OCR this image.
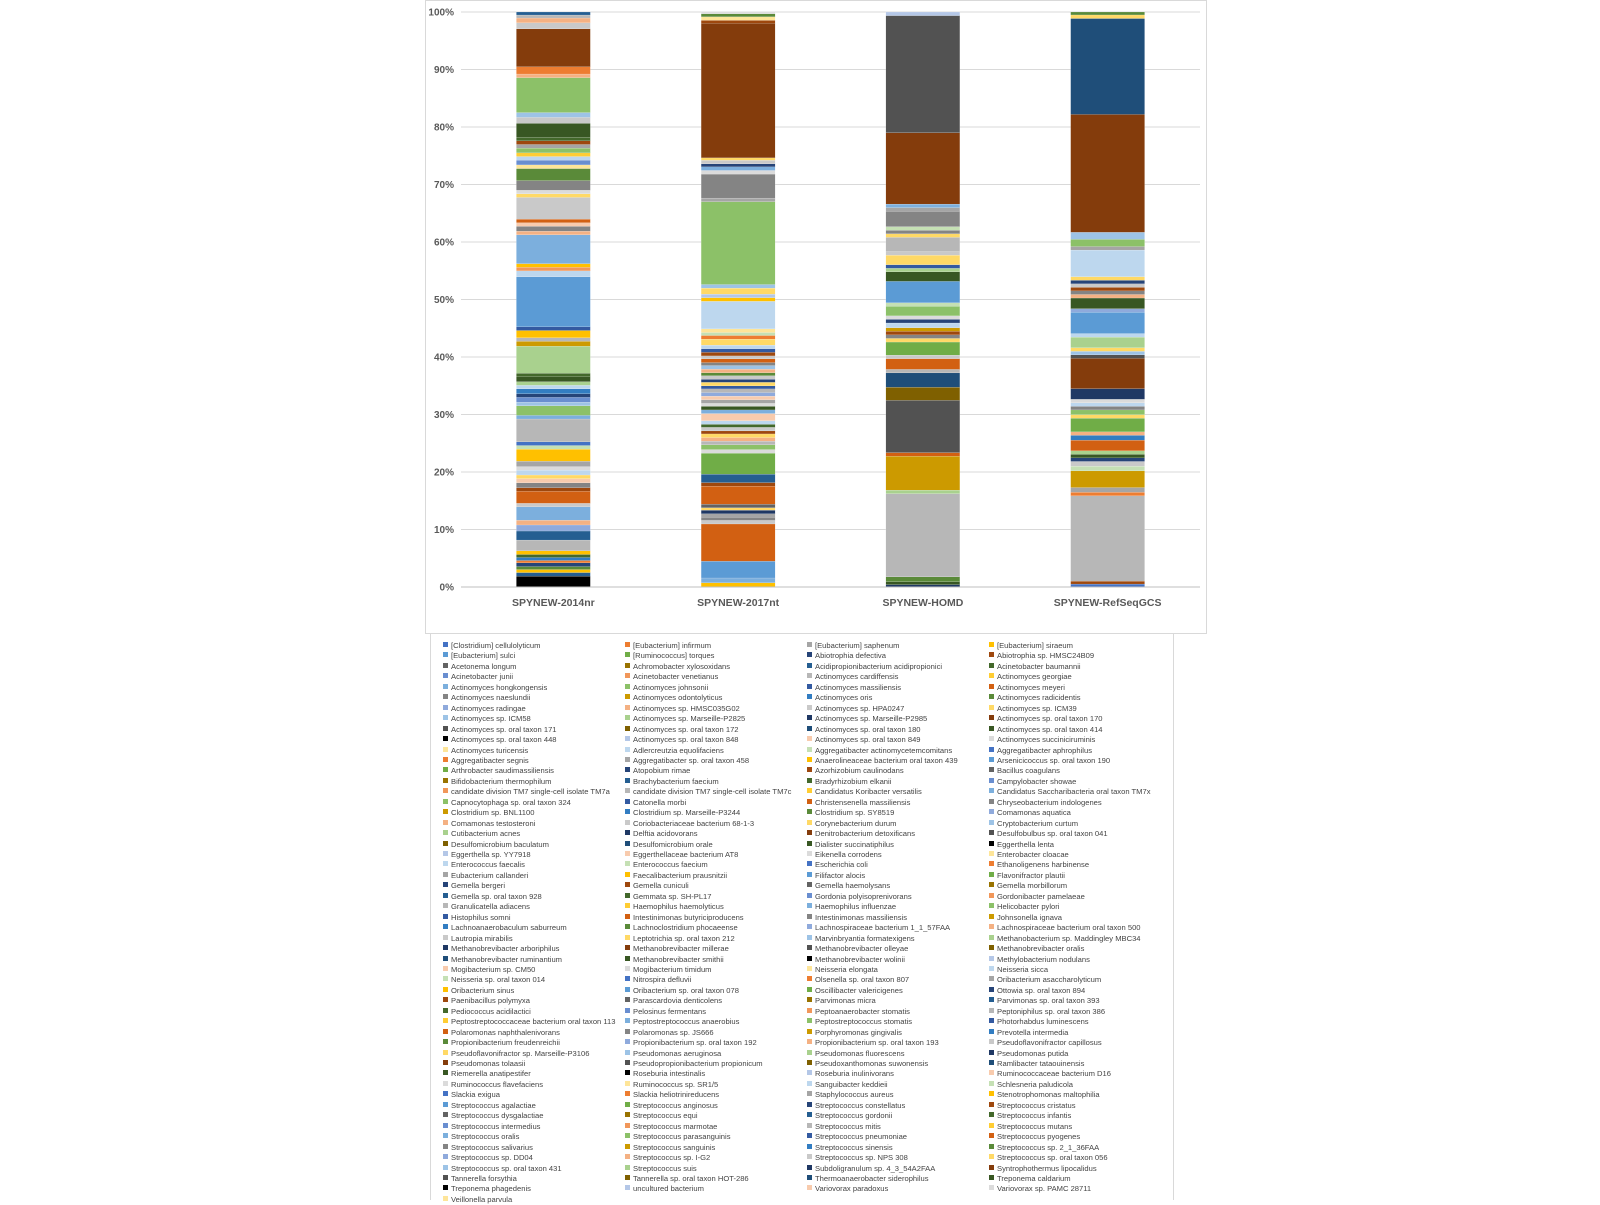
0%
10%
20%
30%
40%
50%
60%
70%
80%
90%
100%
SPYNEW-2014nr	SPYNEW-2017nt	SPYNEW-HOMD	SPYNEW-RefSeqGCS
[Clostridium] cellulolyticum	[Eubacterium] infirmum	[Eubacterium] saphenum	[Eubacterium] siraeum
[Eubacterium] sulci	[Ruminococcus] torques	Abiotrophia defectiva	Abiotrophia sp. HMSC24B09
Acetonema longum	Achromobacter xylosoxidans	Acidipropionibacterium acidipropionici	Acinetobacter baumannii
Acinetobacter junii	Acinetobacter venetianus	Actinomyces cardiffensis	Actinomyces georgiae
Actinomyces hongkongensis	Actinomyces johnsonii	Actinomyces massiliensis	Actinomyces meyeri
Actinomyces naeslundii	Actinomyces odontolyticus	Actinomyces oris	Actinomyces radicidentis
Actinomyces radingae	Actinomyces sp. HMSC035G02	Actinomyces sp. HPA0247	Actinomyces sp. ICM39
Actinomyces sp. ICM58	Actinomyces sp. Marseille-P2825	Actinomyces sp. Marseille-P2985	Actinomyces sp. oral taxon 170
Actinomyces sp. oral taxon 171	Actinomyces sp. oral taxon 172	Actinomyces sp. oral taxon 180	Actinomyces sp. oral taxon 414
Actinomyces sp. oral taxon 448	Actinomyces sp. oral taxon 848	Actinomyces sp. oral taxon 849	Actinomyces succiniciruminis
Actinomyces turicensis	Adlercreutzia equolifaciens	Aggregatibacter actinomycetemcomitans	Aggregatibacter aphrophilus
Aggregatibacter segnis	Aggregatibacter sp. oral taxon 458	Anaerolineaceae bacterium oral taxon 439	Arsenicicoccus sp. oral taxon 190
Arthrobacter saudimassiliensis	Atopobium rimae	Azorhizobium caulinodans	Bacillus coagulans
Bifidobacterium thermophilum	Brachybacterium faecium	Bradyrhizobium elkanii	Campylobacter showae
candidate division TM7 single-cell isolate TM7a	candidate division TM7 single-cell isolate TM7c	Candidatus Koribacter versatilis	Candidatus Saccharibacteria oral taxon TM7x
Capnocytophaga sp. oral taxon 324	Catonella morbi	Christensenella massiliensis	Chryseobacterium indologenes
Clostridium sp. BNL1100	Clostridium sp. Marseille-P3244	Clostridium sp. SY8519	Comamonas aquatica
Comamonas testosteroni	Coriobacteriaceae bacterium 68-1-3	Corynebacterium durum	Cryptobacterium curtum
Cutibacterium acnes	Delftia acidovorans	Denitrobacterium detoxificans	Desulfobulbus sp. oral taxon 041
Desulfomicrobium baculatum	Desulfomicrobium orale	Dialister succinatiphilus	Eggerthella lenta
Eggerthella sp. YY7918	Eggerthellaceae bacterium AT8	Eikenella corrodens	Enterobacter cloacae
Enterococcus faecalis	Enterococcus faecium	Escherichia coli	Ethanoligenens harbinense
Eubacterium callanderi	Faecalibacterium prausnitzii	Filifactor alocis	Flavonifractor plautii
Gemella bergeri	Gemella cuniculi	Gemella haemolysans	Gemella morbillorum
Gemella sp. oral taxon 928	Gemmata sp. SH-PL17	Gordonia polyisoprenivorans	Gordonibacter pamelaeae
Granulicatella adiacens	Haemophilus haemolyticus	Haemophilus influenzae	Helicobacter pylori
Histophilus somni	Intestinimonas butyriciproducens	Intestinimonas massiliensis	Johnsonella ignava
Lachnoanaerobaculum saburreum	Lachnoclostridium phocaeense	Lachnospiraceae bacterium 1_1_57FAA	Lachnospiraceae bacterium oral taxon 500
Lautropia mirabilis	Leptotrichia sp. oral taxon 212	Marvinbryantia formatexigens	Methanobacterium sp. Maddingley MBC34
Methanobrevibacter arboriphilus	Methanobrevibacter millerae	Methanobrevibacter olleyae	Methanobrevibacter oralis
Methanobrevibacter ruminantium	Methanobrevibacter smithii	Methanobrevibacter wolinii	Methylobacterium nodulans
Mogibacterium sp. CM50	Mogibacterium timidum	Neisseria elongata	Neisseria sicca
Neisseria sp. oral taxon 014	Nitrospira defluvii	Olsenella sp. oral taxon 807	Oribacterium asaccharolyticum
Oribacterium sinus	Oribacterium sp. oral taxon 078	Oscillibacter valericigenes	Ottowia sp. oral taxon 894
Paenibacillus polymyxa	Parascardovia denticolens	Parvimonas micra	Parvimonas sp. oral taxon 393
Pediococcus acidilactici	Pelosinus fermentans	Peptoanaerobacter stomatis	Peptoniphilus sp. oral taxon 386
Peptostreptococcaceae bacterium oral taxon 113	Peptostreptococcus anaerobius	Peptostreptococcus stomatis	Photorhabdus luminescens
Polaromonas naphthalenivorans	Polaromonas sp. JS666	Porphyromonas gingivalis	Prevotella intermedia
Propionibacterium freudenreichii	Propionibacterium sp. oral taxon 192	Propionibacterium sp. oral taxon 193	Pseudoflavonifractor capillosus
Pseudoflavonifractor sp. Marseille-P3106	Pseudomonas aeruginosa	Pseudomonas fluorescens	Pseudomonas putida
Pseudomonas tolaasii	Pseudopropionibacterium propionicum	Pseudoxanthomonas suwonensis	Ramlibacter tataouinensis
Riemerella anatipestifer	Roseburia intestinalis	Roseburia inulinivorans	Ruminococcaceae bacterium D16
Ruminococcus flavefaciens	Ruminococcus sp. SR1/5	Sanguibacter keddieii	Schlesneria paludicola
Slackia exigua	Slackia heliotrinireducens	Staphylococcus aureus	Stenotrophomonas maltophilia
Streptococcus agalactiae	Streptococcus anginosus	Streptococcus constellatus	Streptococcus cristatus
Streptococcus dysgalactiae	Streptococcus equi	Streptococcus gordonii	Streptococcus infantis
Streptococcus intermedius	Streptococcus marmotae	Streptococcus mitis	Streptococcus mutans
Streptococcus oralis	Streptococcus parasanguinis	Streptococcus pneumoniae	Streptococcus pyogenes
Streptococcus salivarius	Streptococcus sanguinis	Streptococcus sinensis	Streptococcus sp. 2_1_36FAA
Streptococcus sp. DD04	Streptococcus sp. I-G2	Streptococcus sp. NPS 308	Streptococcus sp. oral taxon 056
Streptococcus sp. oral taxon 431	Streptococcus suis	Subdoligranulum sp. 4_3_54A2FAA	Syntrophothermus lipocalidus
Tannerella forsythia	Tannerella sp. oral taxon HOT-286	Thermoanaerobacter siderophilus	Treponema caldarium
Treponema phagedenis	uncultured bacterium	Variovorax paradoxus	Variovorax sp. PAMC 28711
Veillonella parvula
